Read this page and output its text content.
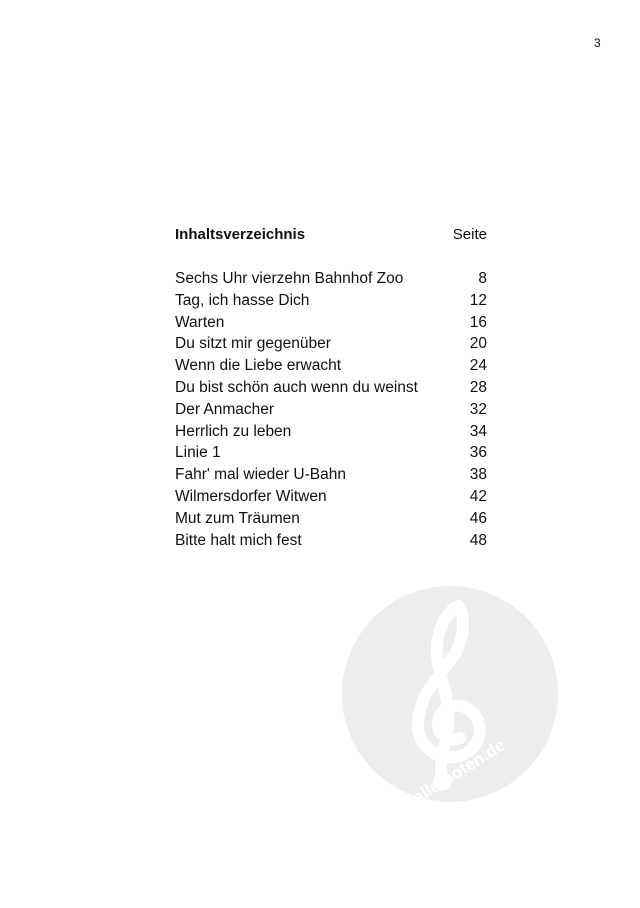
3
Inhaltsverzeichnis	Seite
Sechs Uhr vierzehn Bahnhof Zoo	8
Tag, ich hasse Dich	12
Warten	16
Du sitzt mir gegenüber	20
Wenn die Liebe erwacht	24
Du bist schön auch wenn du weinst	28
Der Anmacher	32
Herrlich zu leben	34
Linie 1	36
Fahr' mal wieder U-Bahn	38
Wilmersdorfer Witwen	42
Mut zum Träumen	46
Bitte halt mich fest	48
alle-noten.de
